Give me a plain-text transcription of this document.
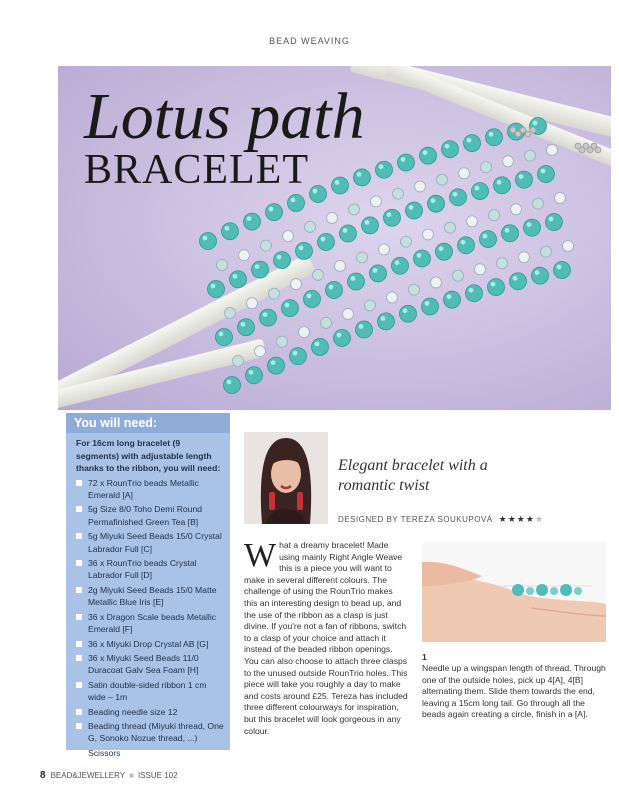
BEAD WEAVING
Lotus path
BRACELET
You will need:
For 16cm long bracelet (9 segments) with adjustable length thanks to the ribbon, you will need:
72 x RounTrio beads Metallic Emerald [A]
5g Size 8/0 Toho Demi Round Permafinished Green Tea [B]
5g Miyuki Seed Beads 15/0 Crystal Labrador Full [C]
36 x RounTrio beads Crystal Labrador Full [D]
2g Miyuki Seed Beads 15/0 Matte Metallic Blue Iris [E]
36 x Dragon Scale beads Metallic Emerald [F]
36 x Miyuki Drop Crystal AB [G]
36 x Miyuki Seed Beads 11/0 Duracoat Galv Sea Foam [H]
Satin double-sided ribbon 1 cm wide – 1m
Beading needle size 12
Beading thread (Miyuki thread, One G, Sonoko Nozue thread, ...)
Scissors
Elegant bracelet with a romantic twist
DESIGNED BY TEREZA SOUKUPOVÁ ★★★★★

What a dreamy bracelet! Made using mainly Right Angle Weave this is a piece you will want to make in several different colours. The challenge of using the RounTrio makes this an interesting design to bead up, and the use of the ribbon as a clasp is just divine. If you're not a fan of ribbons, switch to a clasp of your choice and attach it instead of the beaded ribbon openings. You can also choose to attach three clasps to the unused outside RounTrio holes. This piece will take you roughly a day to make and costs around £25. Tereza has included three different colourways for inspiration, but this bracelet will look gorgeous in any colour.

1

Needle up a wingspan length of thread. Through one of the outside holes, pick up 4[A], 4[B] alternating them. Slide them towards the end, leaving a 15cm long tail. Go through all the beads again creating a circle, finish in a [A].

8 BEAD&JEWELLERY ■ ISSUE 102
